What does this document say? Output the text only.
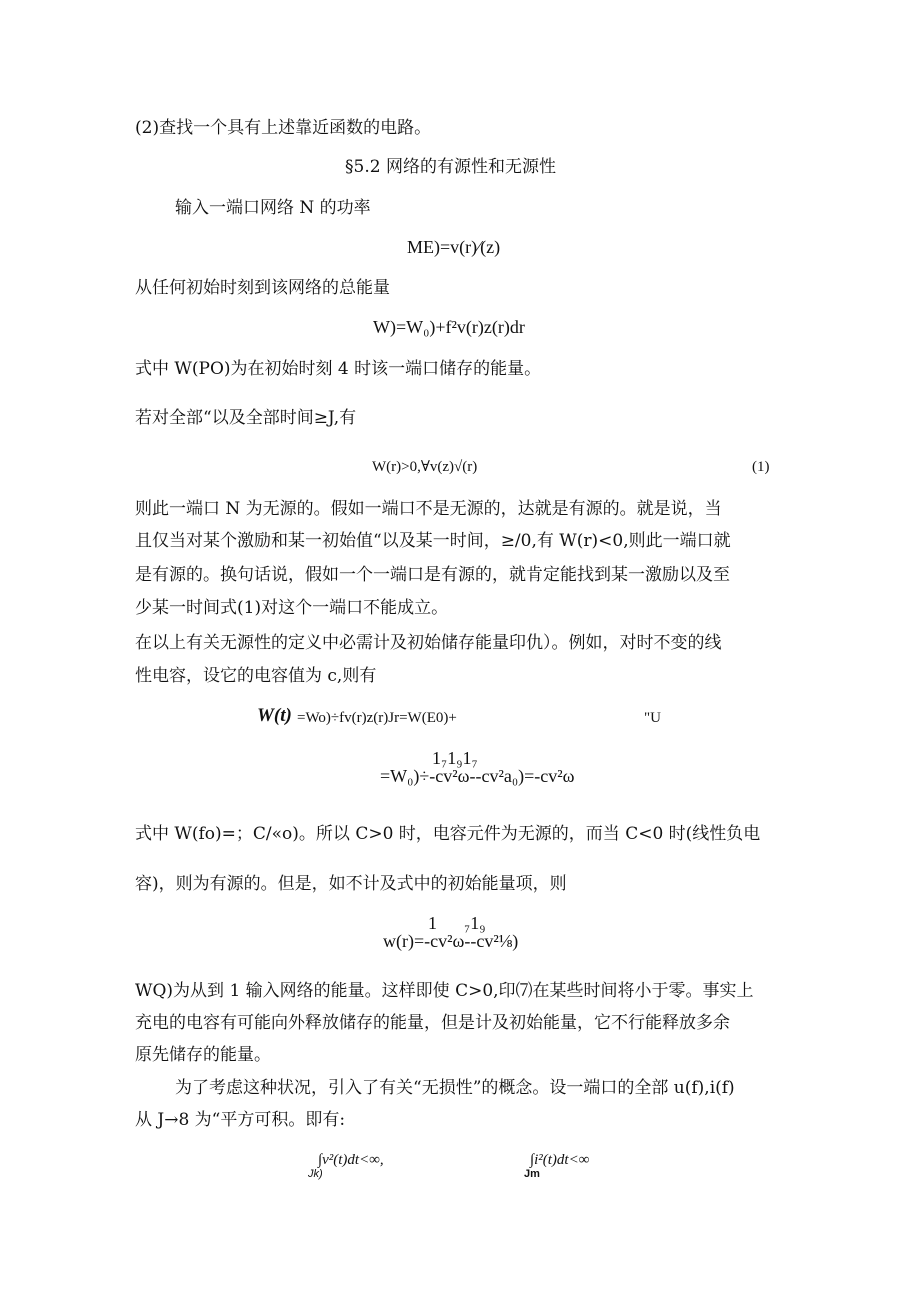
(2)查找一个具有上述靠近函数的电路。
§5.2 网络的有源性和无源性
输入一端口网络 N 的功率
ME)=v(r)⁄(z)
从任何初始时刻到该网络的总能量
W)=W₀)+f²v(r)z(r)dr
式中 W(PO)为在初始时刻 4 时该一端口储存的能量。
若对全部“以及全部时间≥J,有
W(r)>0,∀v(z)√(r)	(1)
则此一端口 N 为无源的。假如一端口不是无源的，达就是有源的。就是说，当
且仅当对某个激励和某一初始值“以及某一时间，≥/0,有 W(r)<0,则此一端口就
是有源的。换句话说，假如一个一端口是有源的，就肯定能找到某一激励以及至
少某一时间式(1)对这个一端口不能成立。
在以上有关无源性的定义中必需计及初始储存能量印仇）。例如，对时不变的线
性电容，设它的电容值为 c,则有
W(t) =Wo)÷fv(r)z(r)Jr=W(E0)+	"U
1₇1₉1₇
=W₀)÷-cv²ω--cv²a₀)=-cv²ω
式中 W(fo)=；C/«o)。所以 C>0 时，电容元件为无源的，而当 C<0 时(线性负电
容)，则为有源的。但是，如不计及式中的初始能量项，则
1      ₇1₉
w(r)=-cv²ω--cv²⅛)
WQ)为从到 1 输入网络的能量。这样即使 C>0,印⑺在某些时间将小于零。事实上
充电的电容有可能向外释放储存的能量，但是计及初始能量，它不行能释放多余
原先储存的能量。
为了考虑这种状况，引入了有关“无损性”的概念。设一端口的全部 u(f),i(f)
从 J→8 为“平方可积。即有:
∫v²(t)dt<∞,
Jk)
∫i²(t)dt<∞
Jm
